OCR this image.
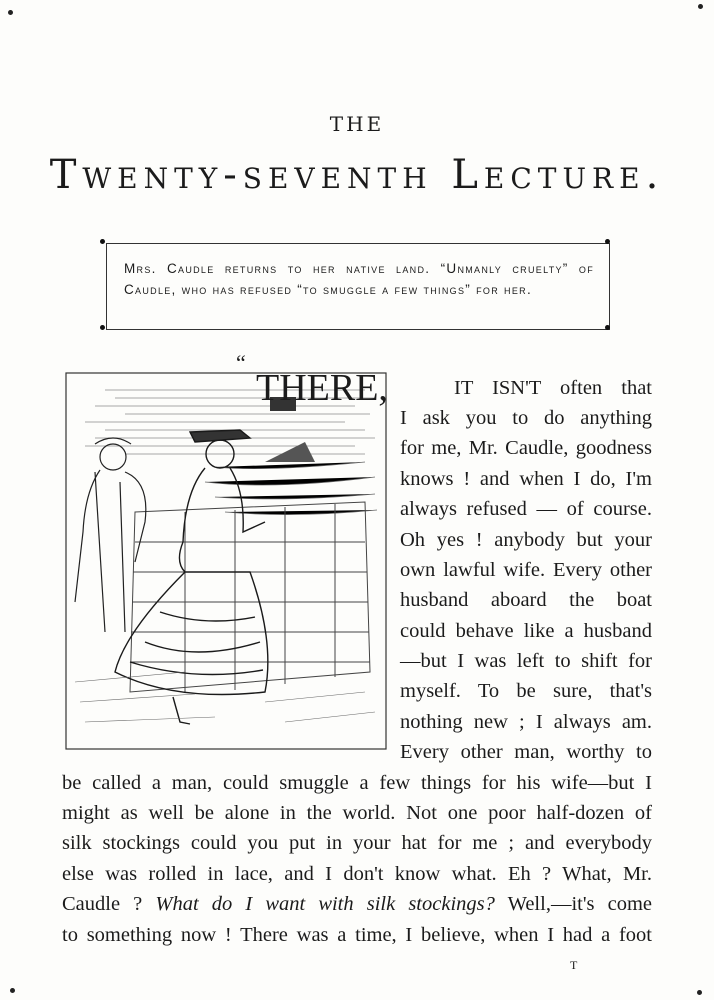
THE
Twenty-seventh Lecture.
Mrs. Caudle returns to her native land. “Unmanly cruelty” of Caudle, who has refused “to smuggle a few things” for her.
“
THERE,	IT ISN'T often that
I ask you to do anything
for me, Mr. Caudle, goodness
knows ! and when I do, I'm
always refused — of course.
Oh yes ! anybody but your
own lawful wife. Every other
husband aboard the boat
could behave like a husband
—but I was left to shift for
myself. To be sure, that's
nothing new ; I always am.
Every other man, worthy to
be called a man, could smuggle a few things for his wife—but I
might as well be alone in the world. Not one poor half-dozen of
silk stockings could you put in your hat for me ; and everybody
else was rolled in lace, and I don't know what. Eh ? What, Mr.
Caudle ? What do I want with silk stockings? Well,—it's come
to something now ! There was a time, I believe, when I had a foot
T
